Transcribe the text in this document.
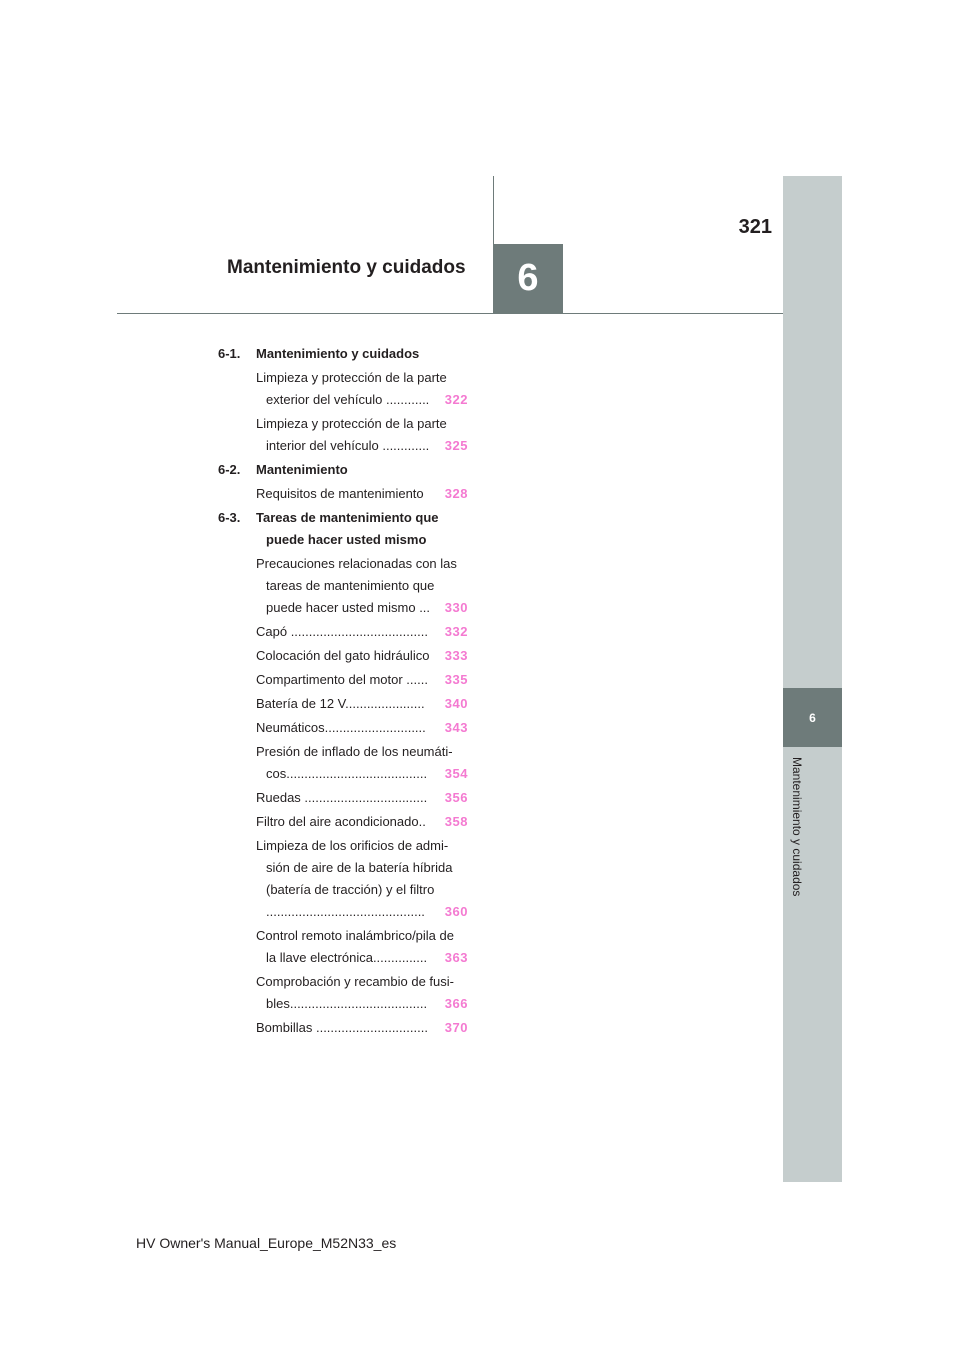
321
Mantenimiento y cuidados 6
6
Mantenimiento y cuidados
6-1. Mantenimiento y cuidados
Limpieza y protección de la parte
exterior del vehículo ............ 322
Limpieza y protección de la parte
interior del vehículo ............. 325
6-2. Mantenimiento
Requisitos de mantenimiento 328
6-3. Tareas de mantenimiento que
puede hacer usted mismo
Precauciones relacionadas con las
tareas de mantenimiento que
puede hacer usted mismo ... 330
Capó ...................................... 332
Colocación del gato hidráulico 333
Compartimento del motor ...... 335
Batería de 12 V...................... 340
Neumáticos............................ 343
Presión de inflado de los neumáti-
cos....................................... 354
Ruedas .................................. 356
Filtro del aire acondicionado.. 358
Limpieza de los orificios de admi-
sión de aire de la batería híbrida
(batería de tracción) y el filtro
............................................ 360
Control remoto inalámbrico/pila de
la llave electrónica............... 363
Comprobación y recambio de fusi-
bles...................................... 366
Bombillas ............................... 370
HV Owner's Manual_Europe_M52N33_es
